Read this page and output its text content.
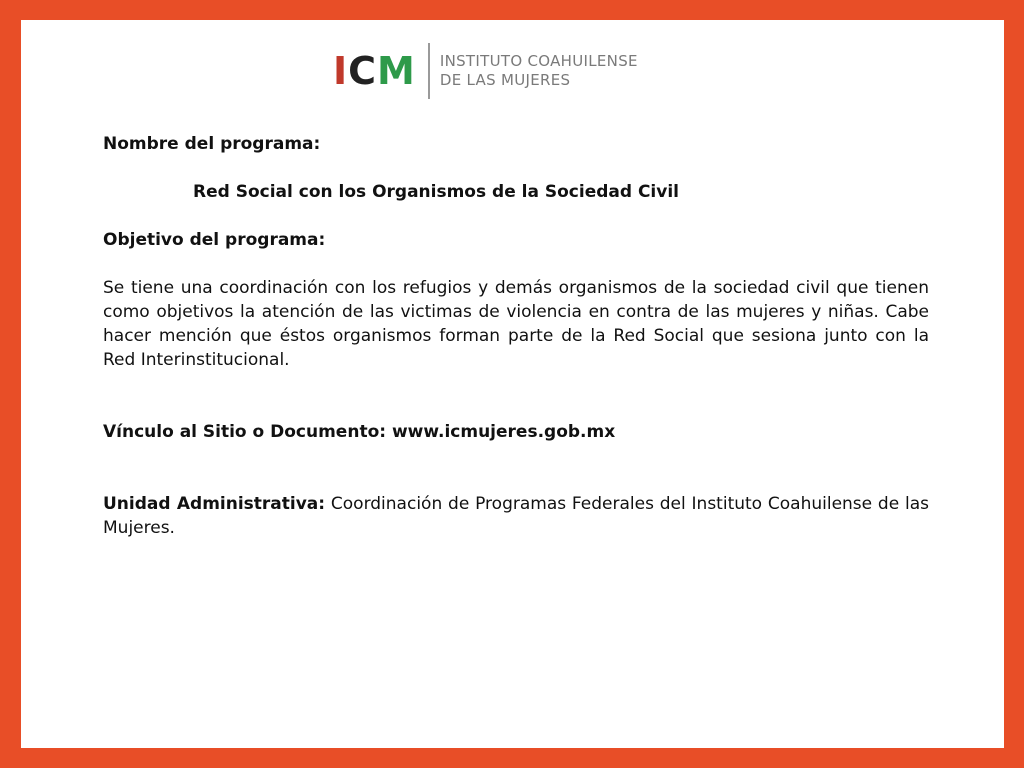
ICM INSTITUTO COAHUILENSE
DE LAS MUJERES

Nombre del programa:

Red Social con los Organismos de la Sociedad Civil

Objetivo del programa:

Se tiene una coordinación con los refugios y demás organismos de la sociedad civil que tienen como objetivos la atención de las victimas de violencia en contra de las mujeres y niñas. Cabe hacer mención que éstos organismos forman parte de la Red Social que sesiona junto con la Red Interinstitucional.

Vínculo al Sitio o Documento: www.icmujeres.gob.mx

Unidad Administrativa: Coordinación de Programas Federales del Instituto Coahuilense de las Mujeres.
